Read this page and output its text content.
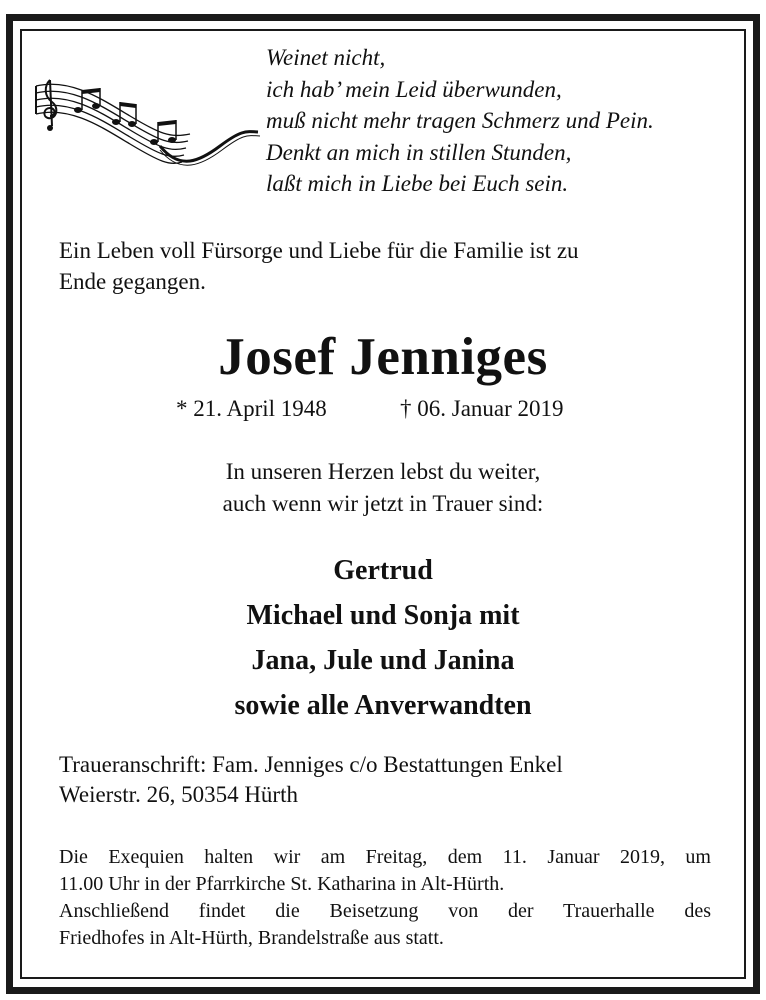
Weinet nicht,
ich hab’ mein Leid überwunden,
muß nicht mehr tragen Schmerz und Pein.
Denkt an mich in stillen Stunden,
laßt mich in Liebe bei Euch sein.
Ein Leben voll Fürsorge und Liebe für die Familie ist zu
Ende gegangen.
Josef Jenniges
* 21. April 1948	† 06. Januar 2019
In unseren Herzen lebst du weiter,
auch wenn wir jetzt in Trauer sind:
Gertrud
Michael und Sonja mit
Jana, Jule und Janina
sowie alle Anverwandten
Traueranschrift: Fam. Jenniges c/o Bestattungen Enkel
Weierstr. 26, 50354 Hürth
Die Exequien halten wir am Freitag, dem 11. Januar 2019, um
11.00 Uhr in der Pfarrkirche St. Katharina in Alt-Hürth.
Anschließend findet die Beisetzung von der Trauerhalle des
Friedhofes in Alt-Hürth, Brandelstraße aus statt.
